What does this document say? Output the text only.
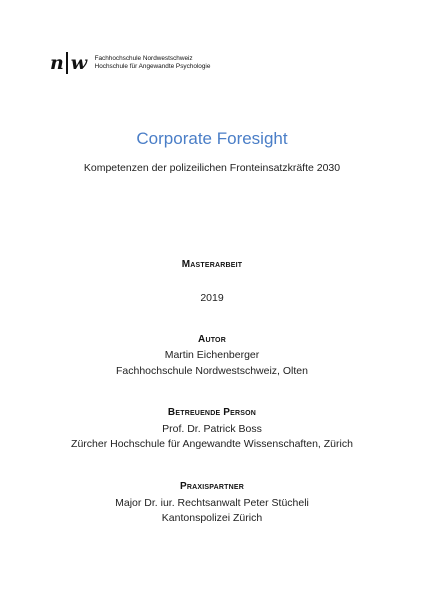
n w Fachhochschule Nordwestschweiz
Hochschule für Angewandte Psychologie
Corporate Foresight
Kompetenzen der polizeilichen Fronteinsatzkräfte 2030
Masterarbeit
2019
Autor
Martin Eichenberger
Fachhochschule Nordwestschweiz, Olten
Betreuende Person
Prof. Dr. Patrick Boss
Zürcher Hochschule für Angewandte Wissenschaften, Zürich
Praxispartner
Major Dr. iur. Rechtsanwalt Peter Stücheli
Kantonspolizei Zürich
